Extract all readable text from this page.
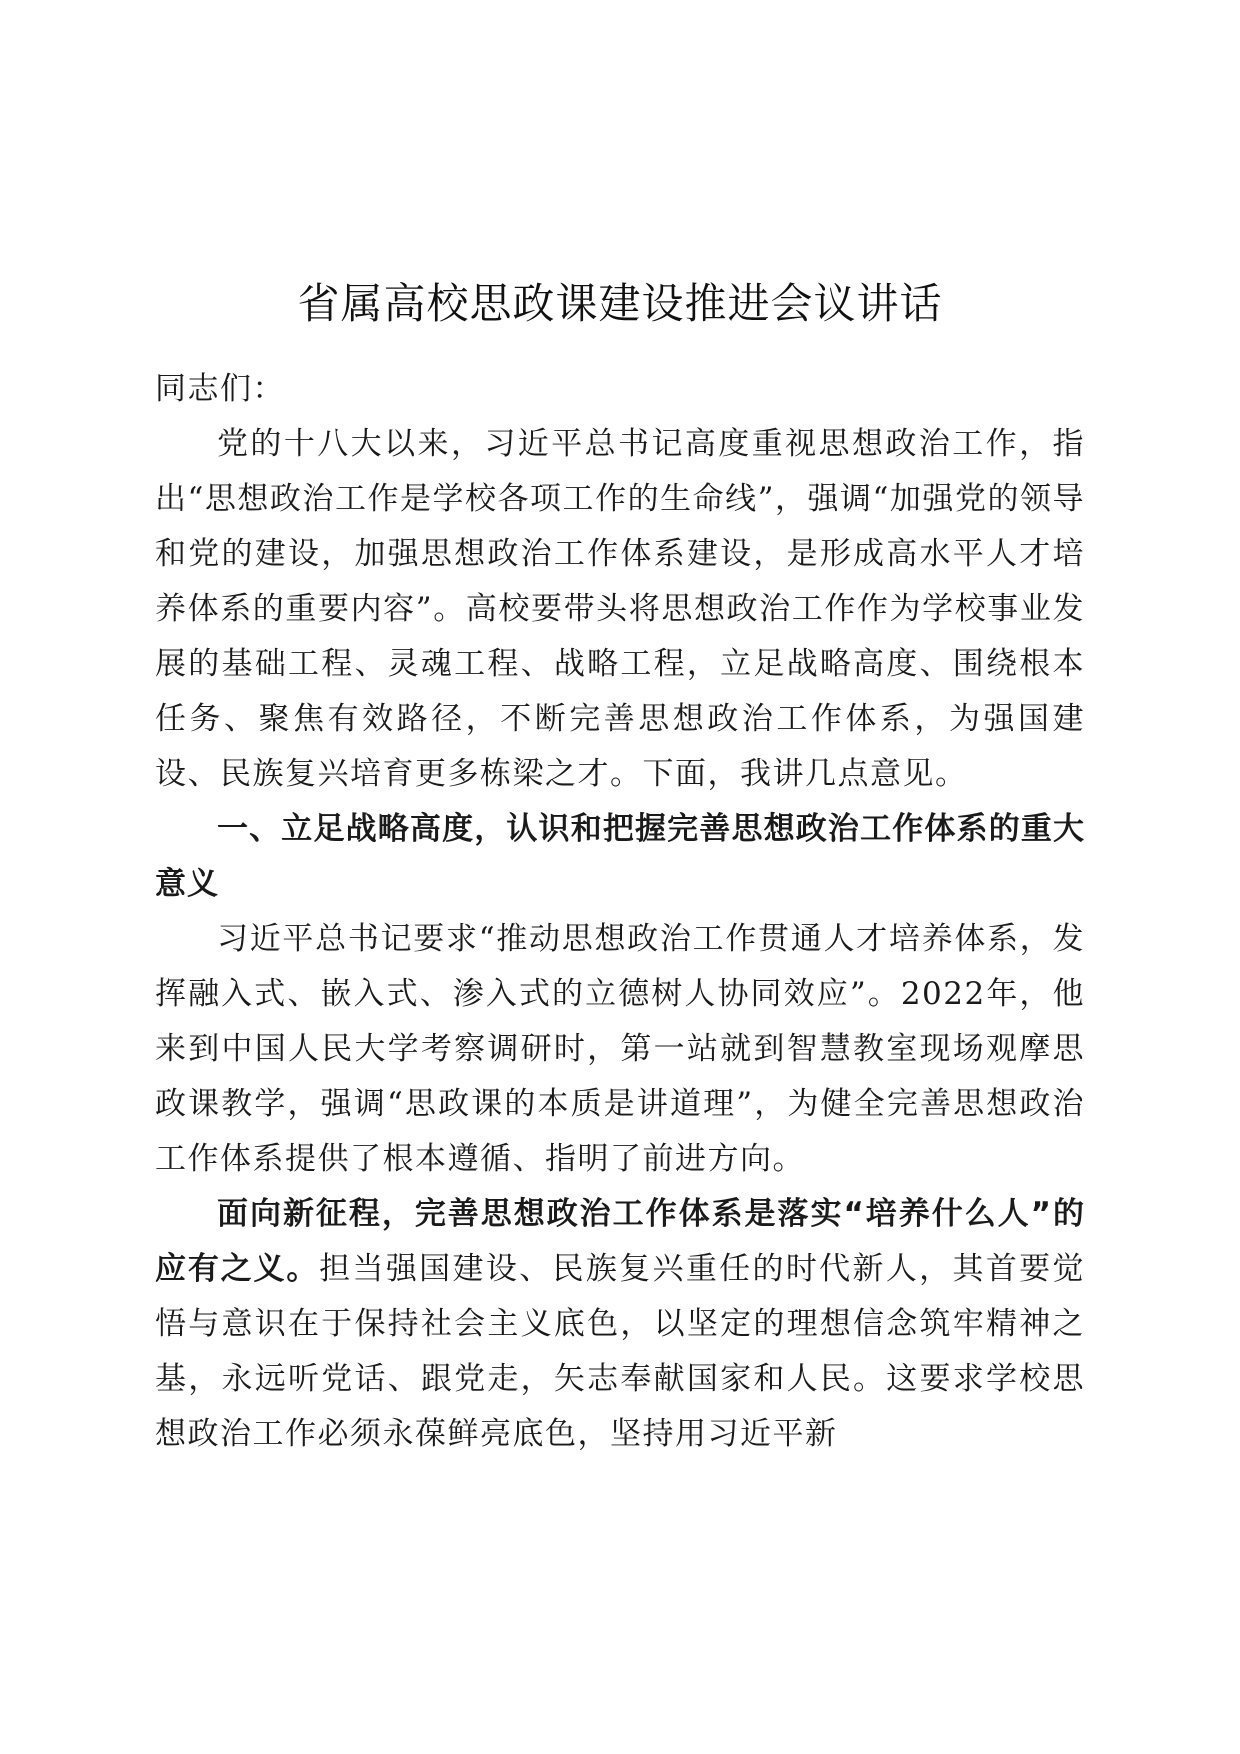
省属高校思政课建设推进会议讲话

同志们：

党的十八大以来，习近平总书记高度重视思想政治工作，指出“思想政治工作是学校各项工作的生命线”，强调“加强党的领导和党的建设，加强思想政治工作体系建设，是形成高水平人才培养体系的重要内容”。高校要带头将思想政治工作作为学校事业发展的基础工程、灵魂工程、战略工程，立足战略高度、围绕根本任务、聚焦有效路径，不断完善思想政治工作体系，为强国建设、民族复兴培育更多栋梁之才。下面，我讲几点意见。

一、立足战略高度，认识和把握完善思想政治工作体系的重大意义

习近平总书记要求“推动思想政治工作贯通人才培养体系，发挥融入式、嵌入式、渗入式的立德树人协同效应”。2022年，他来到中国人民大学考察调研时，第一站就到智慧教室现场观摩思政课教学，强调“思政课的本质是讲道理”，为健全完善思想政治工作体系提供了根本遵循、指明了前进方向。

面向新征程，完善思想政治工作体系是落实“培养什么人”的应有之义。担当强国建设、民族复兴重任的时代新人，其首要觉悟与意识在于保持社会主义底色，以坚定的理想信念筑牢精神之基，永远听党话、跟党走，矢志奉献国家和人民。这要求学校思想政治工作必须永葆鲜亮底色，坚持用习近平新
